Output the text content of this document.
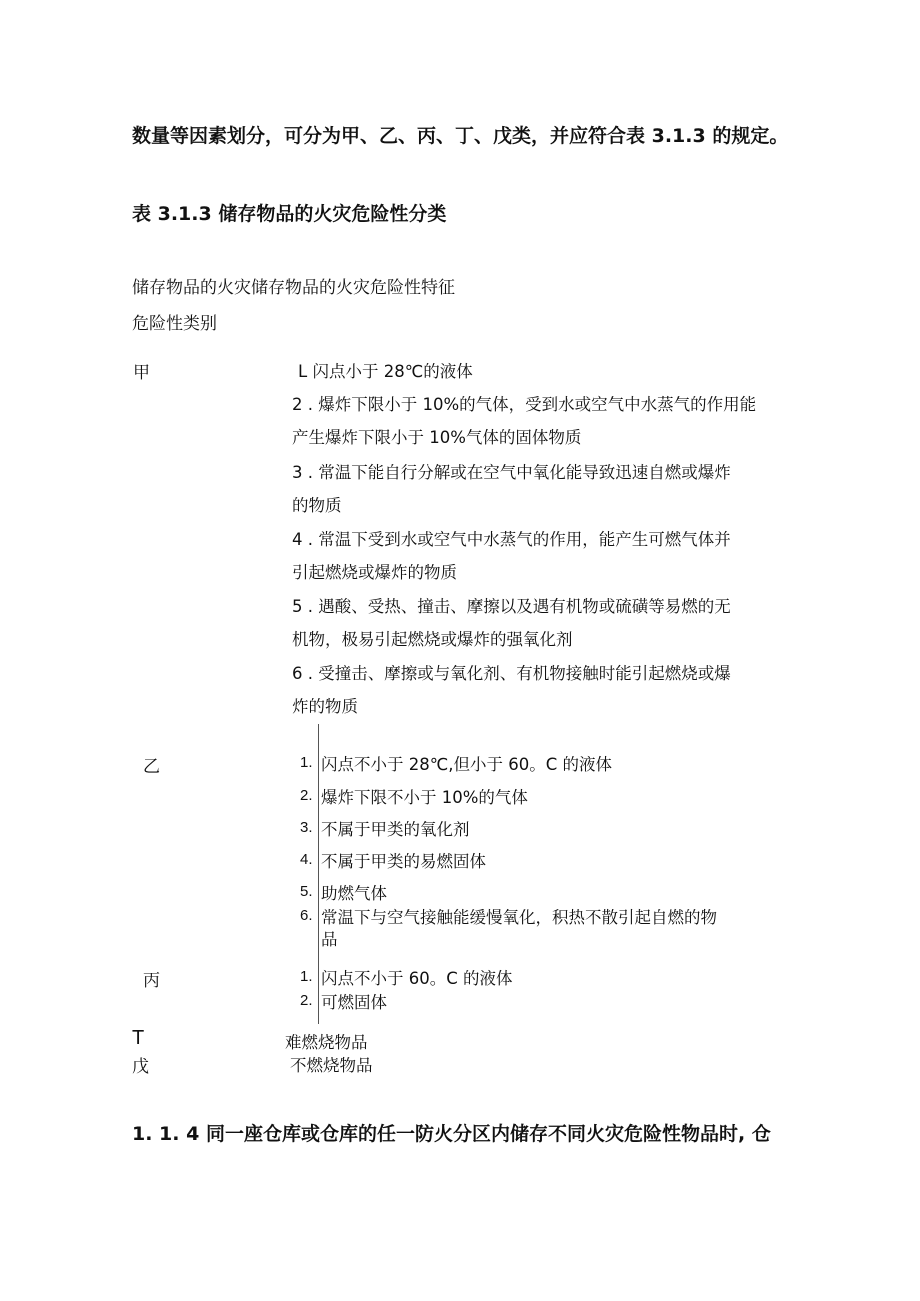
数量等因素划分，可分为甲、乙、丙、丁、戊类，并应符合表 3.1.3 的规定。
表 3.1.3 储存物品的火灾危险性分类
储存物品的火灾储存物品的火灾危险性特征
危险性类别
甲	L 闪点小于 28℃的液体
2 . 爆炸下限小于 10%的气体，受到水或空气中水蒸气的作用能
产生爆炸下限小于 10%气体的固体物质
3 . 常温下能自行分解或在空气中氧化能导致迅速自燃或爆炸
的物质
4 . 常温下受到水或空气中水蒸气的作用，能产生可燃气体并
引起燃烧或爆炸的物质
5 . 遇酸、受热、撞击、摩擦以及遇有机物或硫磺等易燃的无
机物，极易引起燃烧或爆炸的强氧化剂
6 . 受撞击、摩擦或与氧化剂、有机物接触时能引起燃烧或爆
炸的物质
乙	1. 闪点不小于 28℃,但小于 60。C 的液体
2. 爆炸下限不小于 10%的气体
3. 不属于甲类的氧化剂
4. 不属于甲类的易燃固体
5. 助燃气体
6. 常温下与空气接触能缓慢氧化，积热不散引起自燃的物
品
丙	1. 闪点不小于 60。C 的液体
2. 可燃固体
T	难燃烧物品
戊	不燃烧物品
1. 1. 4 同一座仓库或仓库的任一防火分区内储存不同火灾危险性物品时, 仓
